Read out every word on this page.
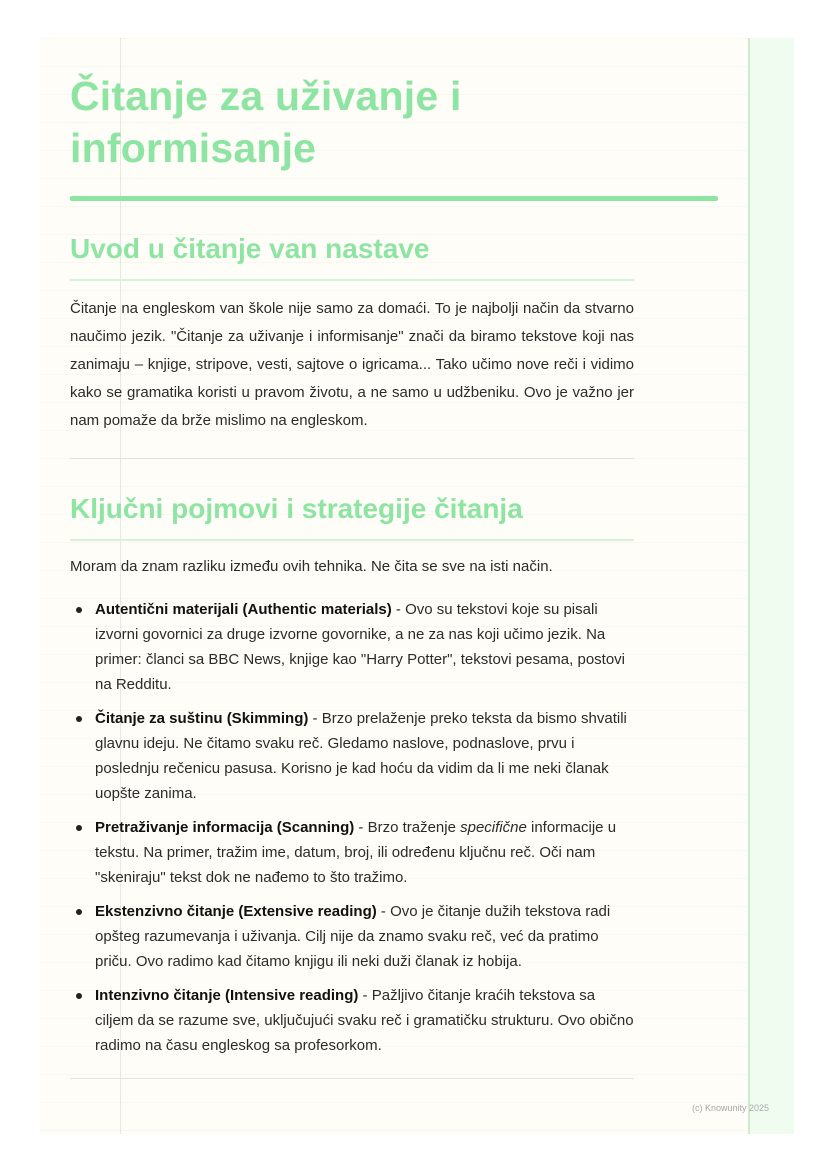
Čitanje za uživanje i informisanje
Uvod u čitanje van nastave

Čitanje na engleskom van škole nije samo za domaći. To je najbolji način da stvarno naučimo jezik. "Čitanje za uživanje i informisanje" znači da biramo tekstove koji nas zanimaju – knjige, stripove, vesti, sajtove o igricama... Tako učimo nove reči i vidimo kako se gramatika koristi u pravom životu, a ne samo u udžbeniku. Ovo je važno jer nam pomaže da brže mislimo na engleskom.

Ključni pojmovi i strategije čitanja

Moram da znam razliku između ovih tehnika. Ne čita se sve na isti način.

Autentični materijali (Authentic materials) - Ovo su tekstovi koje su pisali izvorni govornici za druge izvorne govornike, a ne za nas koji učimo jezik. Na primer: članci sa BBC News, knjige kao "Harry Potter", tekstovi pesama, postovi na Redditu.
Čitanje za suštinu (Skimming) - Brzo prelaženje preko teksta da bismo shvatili glavnu ideju. Ne čitamo svaku reč. Gledamo naslove, podnaslove, prvu i poslednju rečenicu pasusa. Korisno je kad hoću da vidim da li me neki članak uopšte zanima.
Pretraživanje informacija (Scanning) - Brzo traženje specifične informacije u tekstu. Na primer, tražim ime, datum, broj, ili određenu ključnu reč. Oči nam "skeniraju" tekst dok ne nađemo to što tražimo.
Ekstenzivno čitanje (Extensive reading) - Ovo je čitanje dužih tekstova radi opšteg razumevanja i uživanja. Cilj nije da znamo svaku reč, već da pratimo priču. Ovo radimo kad čitamo knjigu ili neki duži članak iz hobija.
Intenzivno čitanje (Intensive reading) - Pažljivo čitanje kraćih tekstova sa ciljem da se razume sve, uključujući svaku reč i gramatičku strukturu. Ovo obično radimo na času engleskog sa profesorkom.
(c) Knowunity 2025
